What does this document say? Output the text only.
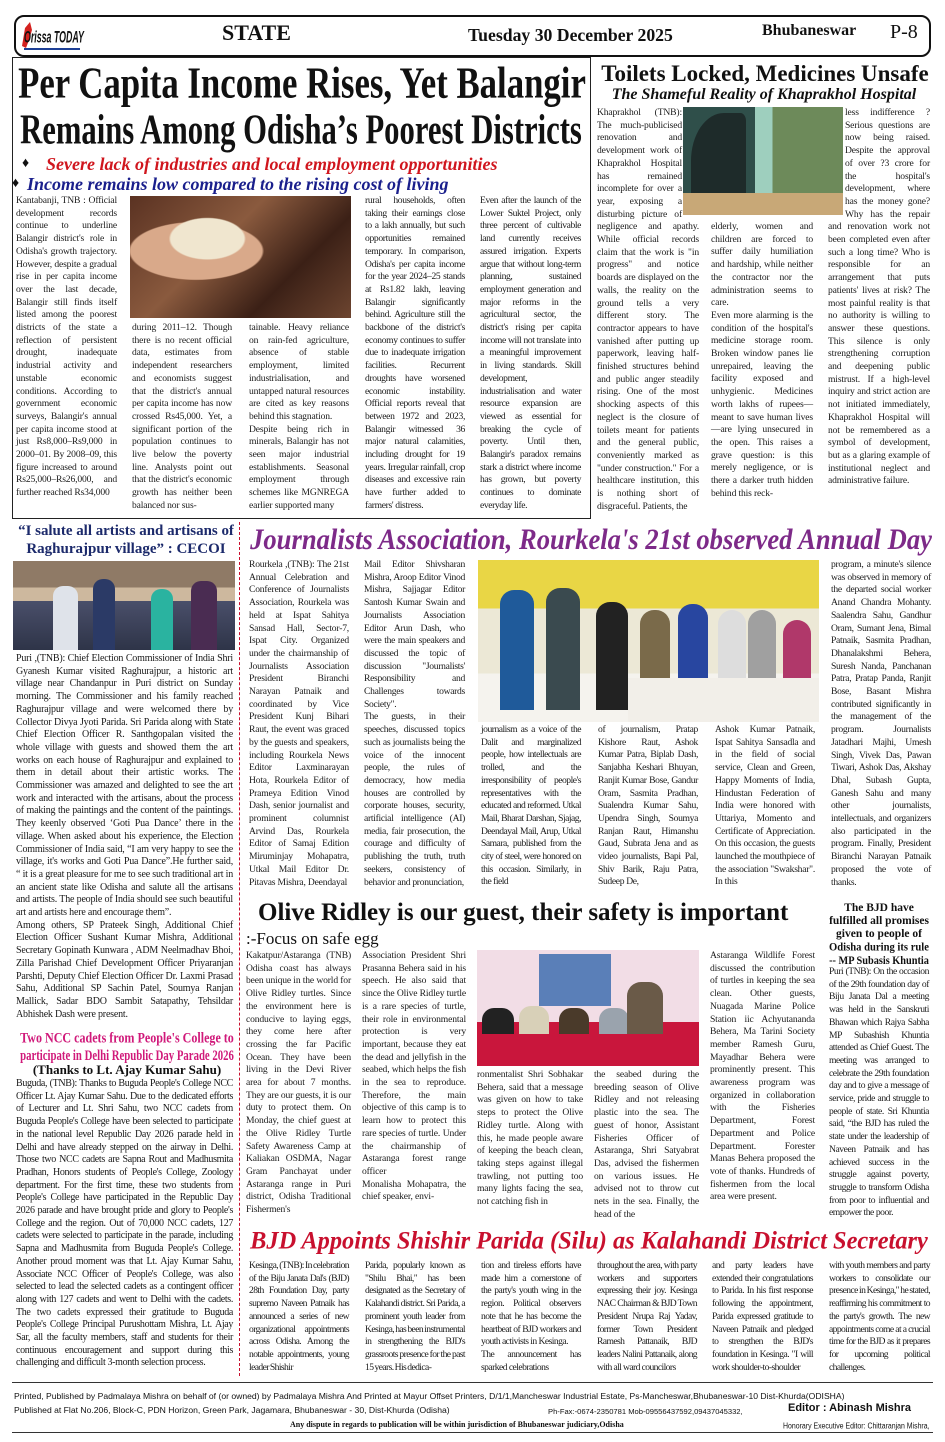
Orissa TODAY	STATE	Tuesday 30 December 2025	Bhubaneswar	P-8
Per Capita Income Rises, Yet Balangir
Remains Among Odisha’s Poorest Districts
♦ Severe lack of industries and local employment opportunities
♦ Income remains low compared to the rising cost of living
Kantabanji, TNB : Official development records continue to underline Balangir district's role in Odisha's growth trajectory. However, despite a gradual rise in per capita income over the last decade, Balangir still finds itself listed among the poorest districts of the state a reflection of persistent drought, inadequate industrial activity and unstable economic conditions. According to government economic surveys, Balangir's annual per capita income stood at just Rs8,000–Rs9,000 in 2000–01. By 2008–09, this figure increased to around Rs25,000–Rs26,000, and further reached Rs34,000
during 2011–12. Though there is no recent official data, estimates from independent researchers and economists suggest that the district's annual per capita income has now crossed Rs45,000. Yet, a significant portion of the population continues to live below the poverty line. Analysts point out that the district's economic growth has neither been balanced nor sus-
tainable. Heavy reliance on rain-fed agriculture, absence of stable employment, limited industrialisation, and untapped natural resources are cited as key reasons behind this stagnation.
Despite being rich in minerals, Balangir has not seen major industrial establishments. Seasonal employment through schemes like MGNREGA earlier supported many
rural households, often taking their earnings close to a lakh annually, but such opportunities remained temporary. In comparison, Odisha's per capita income for the year 2024–25 stands at Rs1.82 lakh, leaving Balangir significantly behind. Agriculture still the backbone of the district's economy continues to suffer due to inadequate irrigation facilities. Recurrent droughts have worsened economic instability. Official reports reveal that between 1972 and 2023, Balangir witnessed 36 major natural calamities, including drought for 19 years. Irregular rainfall, crop diseases and excessive rain have further added to farmers' distress.
Even after the launch of the Lower Suktel Project, only three percent of cultivable land currently receives assured irrigation. Experts argue that without long-term planning, sustained employment generation and major reforms in the agricultural sector, the district's rising per capita income will not translate into a meaningful improvement in living standards. Skill development, industrialisation and water resource expansion are viewed as essential for breaking the cycle of poverty. Until then, Balangir's paradox remains stark a district where income has grown, but poverty continues to dominate everyday life.
Toilets Locked, Medicines Unsafe
The Shameful Reality of Khaprakhol Hospital
Khaprakhol (TNB): The much-publicised renovation and development work of Khaprakhol Hospital has remained incomplete for over a year, exposing a disturbing picture of negligence and apathy. While official records claim that the work is "in progress" and notice boards are displayed on the walls, the reality on the ground tells a very different story. The contractor appears to have vanished after putting up paperwork, leaving half-finished structures behind and public anger steadily rising. One of the most shocking aspects of this neglect is the closure of toilets meant for patients and the general public, conveniently marked as "under construction." For a healthcare institution, this is nothing short of disgraceful. Patients, the
elderly, women and children are forced to suffer daily humiliation and hardship, while neither the contractor nor the administration seems to care.
Even more alarming is the condition of the hospital's medicine storage room. Broken window panes lie unrepaired, leaving the facility exposed and unhygienic. Medicines worth lakhs of rupees—meant to save human lives—are lying unsecured in the open. This raises a grave question: is this merely negligence, or is there a darker truth hidden behind this reck-
less indifference ? Serious questions are now being raised. Despite the approval of over ?3 crore for the hospital's development, where has the money gone? Why has the repair and renovation work not been completed even after such a long time? Who is responsible for an arrangement that puts patients' lives at risk? The most painful reality is that no authority is willing to answer these questions. This silence is only strengthening corruption and deepening public mistrust. If a high-level inquiry and strict action are not initiated immediately, Khaprakhol Hospital will not be remembered as a symbol of development, but as a glaring example of institutional neglect and administrative failure.
“I salute all artists and artisans of
Raghurajpur village” : CECOI
Puri ,(TNB): Chief Election Commissioner of India Shri Gyanesh Kumar visited Raghurajpur, a historic art village near Chandanpur in Puri district on Sunday morning. The Commissioner and his family reached Raghurajpur village and were welcomed there by Collector Divya Jyoti Parida. Sri Parida along with State Chief Election Officer R. Santhgopalan visited the whole village with guests and showed them the art works on each house of Raghurajpur and explained to them in detail about their artistic works. The Commissioner was amazed and delighted to see the art work and interacted with the artisans, about the process of making the paintings and the content of the paintings. They keenly observed ‘Goti Pua Dance’ there in the village. When asked about his experience, the Election Commissioner of India said, “I am very happy to see the village, it's works and Goti Pua Dance”.He further said, “ it is a great pleasure for me to see such traditional art in an ancient state like Odisha and salute all the artisans and artists. The people of India should see such beautiful art and artists here and encourage them”.
Among others, SP Prateek Singh, Additional Chief Election Officer Sushant Kumar Mishra, Additional Secretary Gopinath Kunwara , ADM Neelmadhav Bhoi, Zilla Parishad Chief Development Officer Priyaranjan Parshti, Deputy Chief Election Officer Dr. Laxmi Prasad Sahu, Additional SP Sachin Patel, Soumya Ranjan Mallick, Sadar BDO Sambit Satapathy, Tehsildar Abhishek Dash were present.
Two NCC cadets from People's College to
participate in Delhi Republic Day Parade 2026
(Thanks to Lt. Ajay Kumar Sahu)
Buguda, (TNB): Thanks to Buguda People's College NCC Officer Lt. Ajay Kumar Sahu. Due to the dedicated efforts of Lecturer and Lt. Shri Sahu, two NCC cadets from Buguda People's College have been selected to participate in the national level Republic Day 2026 parade held in Delhi and have already stepped on the airway in Delhi. Those two NCC cadets are Sapna Rout and Madhusmita Pradhan, Honors students of People's College, Zoology department. For the first time, these two students from People's College have participated in the Republic Day 2026 parade and have brought pride and glory to People's College and the region. Out of 70,000 NCC cadets, 127 cadets were selected to participate in the parade, including Sapna and Madhusmita from Buguda People's College. Another proud moment was that Lt. Ajay Kumar Sahu, Associate NCC Officer of People's College, was also selected to lead the selected cadets as a contingent officer along with 127 cadets and went to Delhi with the cadets. The two cadets expressed their gratitude to Buguda People's College Principal Purushottam Mishra, Lt. Ajay Sar, all the faculty members, staff and students for their continuous encouragement and support during this challenging and difficult 3-month selection process.
Journalists Association, Rourkela's 21st observed Annual Day
Rourkela ,(TNB): The 21st Annual Celebration and Conference of Journalists Association, Rourkela was held at Ispat Sahitya Sansad Hall, Sector-7, Ispat City. Organized under the chairmanship of Journalists Association President Biranchi Narayan Patnaik and coordinated by Vice President Kunj Bihari Raut, the event was graced by the guests and speakers, including Rourkela News Editor Laxminarayan Hota, Rourkela Editor of Prameya Edition Vinod Dash, senior journalist and prominent columnist Arvind Das, Rourkela Editor of Samaj Edition Miruminjay Mohapatra, Utkal Mail Editor Dr. Pitavas Mishra, Deendayal
Mail Editor Shivsharan Mishra, Aroop Editor Vinod Mishra, Sajjagar Editor Santosh Kumar Swain and Journalists Association Editor Arun Dash, who were the main speakers and discussed the topic of discussion "Journalists' Responsibility and Challenges towards Society".
The guests, in their speeches, discussed topics such as journalists being the voice of the innocent people, the rules of democracy, how media houses are controlled by corporate houses, security, artificial intelligence (AI) media, fair prosecution, the courage and difficulty of publishing the truth, truth seekers, consistency of behavior and pronunciation,
journalism as a voice of the Dalit and marginalized people, how intellectuals are trolled, and the irresponsibility of people's representatives with the educated and reformed. Utkal Mail, Bharat Darshan, Sjajag, Deendayal Mail, Arup, Utkal Samara, published from the city of steel, were honored on this occasion. Similarly, in the field
of journalism, Pratap Kishore Raut, Ashok Kumar Patra, Biplab Dash, Sanjabha Keshari Bhuyan, Ranjit Kumar Bose, Gandur Oram, Sasmita Pradhan, Sualendra Kumar Sahu, Upendra Singh, Soumya Ranjan Raut, Himanshu Gaud, Subrata Jena and as video journalists, Bapi Pal, Shiv Barik, Raju Patra, Sudeep De,
Ashok Kumar Patnaik, Ispat Sahitya Sansadla and in the field of social service, Clean and Green, Happy Moments of India, Hindustan Federation of India were honored with Uttariya, Momento and Certificate of Appreciation. On this occasion, the guests launched the mouthpiece of the association "Swakshar". In this
program, a minute's silence was observed in memory of the departed social worker Anand Chandra Mohanty. Saalendra Sahu, Gandhur Oram, Sumant Jena, Bimal Patnaik, Sasmita Pradhan, Dhanalakshmi Behera, Suresh Nanda, Panchanan Patra, Pratap Panda, Ranjit Bose, Basant Mishra contributed significantly in the management of the program. Journalists Jatadhari Majhi, Umesh Singh, Vivek Das, Pawan Tiwari, Ashok Das, Akshay Dhal, Subash Gupta, Ganesh Sahu and many other journalists, intellectuals, and organizers also participated in the program. Finally, President Biranchi Narayan Patnaik proposed the vote of thanks.
Olive Ridley is our guest, their safety is important
:-Focus on safe egg
Kakatpur/Astaranga (TNB) Odisha coast has always been unique in the world for Olive Ridley turtles. Since the environment here is conducive to laying eggs, they come here after crossing the far Pacific Ocean. They have been living in the Devi River area for about 7 months. They are our guests, it is our duty to protect them. On Monday, the chief guest at the Olive Ridley Turtle Safety Awareness Camp at Kaliakan OSDMA, Nagar Gram Panchayat under Astaranga range in Puri district, Odisha Traditional Fishermen's
Association President Shri Prasanna Behera said in his speech. He also said that since the Olive Ridley turtle is a rare species of turtle, their role in environmental protection is very important, because they eat the dead and jellyfish in the seabed, which helps the fish in the sea to reproduce. Therefore, the main objective of this camp is to learn how to protect this rare species of turtle. Under the chairmanship of Astaranga forest range officer
Monalisha Mohapatra, the chief speaker, envi-
ronmentalist Shri Sobhakar Behera, said that a message was given on how to take steps to protect the Olive Ridley turtle. Along with this, he made people aware of keeping the beach clean, taking steps against illegal trawling, not putting too many lights facing the sea, not catching fish in
the seabed during the breeding season of Olive Ridley and not releasing plastic into the sea. The guest of honor, Assistant Fisheries Officer of Astaranga, Shri Satyabrat Das, advised the fishermen on various issues. He advised not to throw cut nets in the sea. Finally, the head of the
Astaranga Wildlife Forest discussed the contribution of turtles in keeping the sea clean. Other guests, Nuagada Marine Police Station iic Achyutananda Behera, Ma Tarini Society member Ramesh Guru, Mayadhar Behera were prominently present. This awareness program was organized in collaboration with the Fisheries Department, Forest Department and Police Department. Forester Manas Behera proposed the vote of thanks. Hundreds of fishermen from the local area were present.
The BJD have
fulfilled all promises
given to people of
Odisha during its rule
-- MP Subasis Khuntia
Puri (TNB): On the occasion of the 29th foundation day of Biju Janata Dal a meeting was held in the Sanskruti Bhawan which Rajya Sabha MP Subashish Khuntia attended as Chief Guest. The meeting was arranged to celebrate the 29th foundation day and to give a message of service, pride and struggle to people of state. Sri Khuntia said, “the BJD has ruled the state under the leadership of Naveen Patnaik and has achieved success in the struggle against poverty, struggle to transform Odisha from poor to influential and empower the poor.
BJD Appoints Shishir Parida (Silu) as Kalahandi District Secretary
Kesinga, (TNB): In celebration of the Biju Janata Dal's (BJD) 28th Foundation Day, party supremo Naveen Patnaik has announced a series of new organizational appointments across Odisha. Among the notable appointments, young leader Shishir
Parida, popularly known as "Shilu Bhai," has been designated as the Secretary of Kalahandi district. Sri Parida, a prominent youth leader from Kesinga, has been instrumental in strengthening the BJD's grassroots presence for the past 15 years. His dedica-
tion and tireless efforts have made him a cornerstone of the party's youth wing in the region. Political observers note that he has become the heartbeat of BJD workers and youth activists in Kesinga.
The announcement has sparked celebrations
throughout the area, with party workers and supporters expressing their joy. Kesinga NAC Chairman & BJD Town President Nrupa Raj Yadav, former Town President Ramesh Pattanaik, BJD leaders Nalini Pattanaik, along with all ward councilors
and party leaders have extended their congratulations to Parida. In his first response following the appointment, Parida expressed gratitude to Naveen Patnaik and pledged to strengthen the BJD's foundation in Kesinga. "I will work shoulder-to-shoulder
with youth members and party workers to consolidate our presence in Kesinga," he stated, reaffirming his commitment to the party's growth. The new appointments come at a crucial time for the BJD as it prepares for upcoming political challenges.
Printed, Published by Padmalaya Mishra on behalf of (or owned) by Padmalaya Mishra And Printed at Mayur Offset Printers, D/1/1,Mancheswar Industrial Estate, Ps-Mancheswar,Bhubaneswar-10 Dist-Khurda(ODISHA)
Published at Flat No.206, Block-C, PDN Horizon, Green Park, Jagamara, Bhubaneswar - 30, Dist-Khurda (Odisha)	Ph-Fax:-0674-2350781 Mob-09556437592,09437045332,	Editor : Abinash Mishra
Any dispute in regards to publication will be within jurisdiction of Bhubaneswar judiciary,Odisha	Honorary Executive Editor: Chittaranjan Mishra,
